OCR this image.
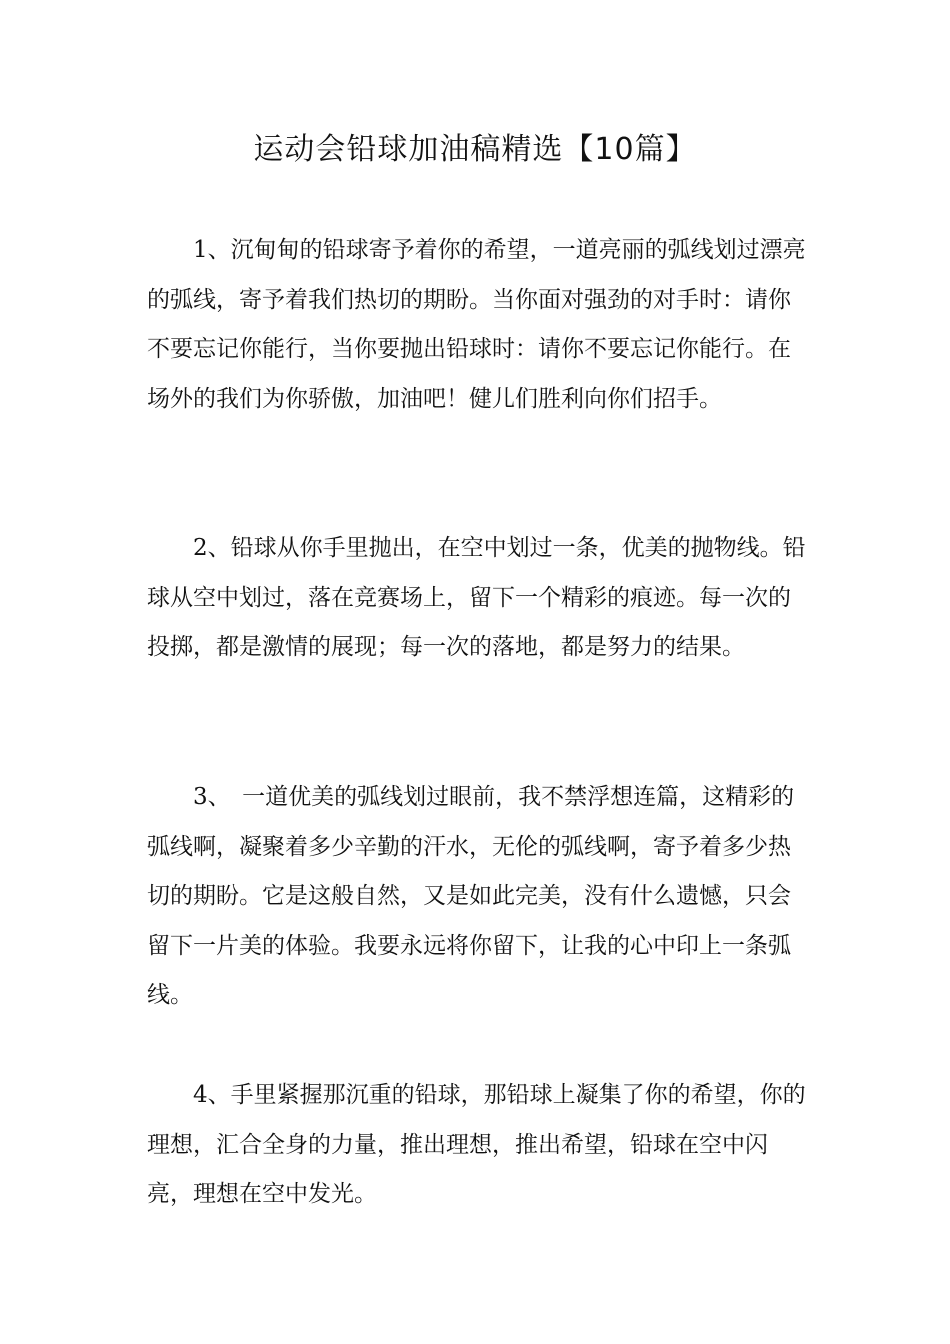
运动会铅球加油稿精选【10篇】

1、沉甸甸的铅球寄予着你的希望，一道亮丽的弧线划过漂亮的弧线，寄予着我们热切的期盼。当你面对强劲的对手时：请你不要忘记你能行，当你要抛出铅球时：请你不要忘记你能行。在场外的我们为你骄傲，加油吧！健儿们胜利向你们招手。

2、铅球从你手里抛出，在空中划过一条，优美的抛物线。铅球从空中划过，落在竞赛场上，留下一个精彩的痕迹。每一次的投掷，都是激情的展现；每一次的落地，都是努力的结果。

3、　一道优美的弧线划过眼前，我不禁浮想连篇，这精彩的弧线啊，凝聚着多少辛勤的汗水，无伦的弧线啊，寄予着多少热切的期盼。它是这般自然，又是如此完美，没有什么遗憾，只会留下一片美的体验。我要永远将你留下，让我的心中印上一条弧线。

4、手里紧握那沉重的铅球，那铅球上凝集了你的希望，你的理想，汇合全身的力量，推出理想，推出希望，铅球在空中闪亮，理想在空中发光。
